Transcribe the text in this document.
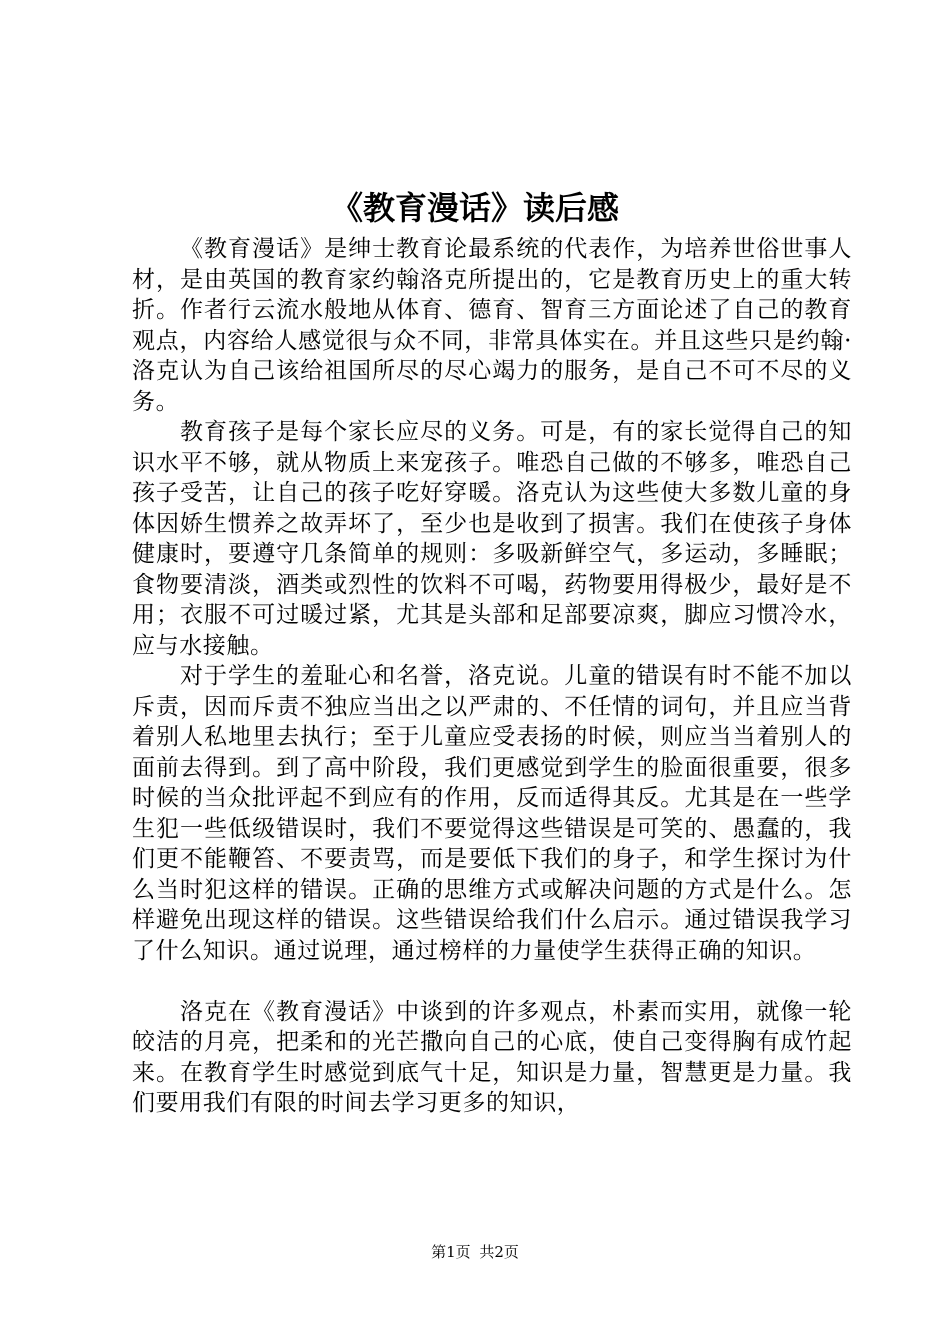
《教育漫话》读后感

《教育漫话》是绅士教育论最系统的代表作，为培养世俗世事人材，是由英国的教育家约翰洛克所提出的，它是教育历史上的重大转折。作者行云流水般地从体育、德育、智育三方面论述了自己的教育观点，内容给人感觉很与众不同，非常具体实在。并且这些只是约翰·洛克认为自己该给祖国所尽的尽心竭力的服务，是自己不可不尽的义务。

教育孩子是每个家长应尽的义务。可是，有的家长觉得自己的知识水平不够，就从物质上来宠孩子。唯恐自己做的不够多，唯恐自己孩子受苦，让自己的孩子吃好穿暖。洛克认为这些使大多数儿童的身体因娇生惯养之故弄坏了，至少也是收到了损害。我们在使孩子身体健康时，要遵守几条简单的规则：多吸新鲜空气，多运动，多睡眠；食物要清淡，酒类或烈性的饮料不可喝，药物要用得极少，最好是不用；衣服不可过暖过紧，尤其是头部和足部要凉爽，脚应习惯冷水，应与水接触。

对于学生的羞耻心和名誉，洛克说。儿童的错误有时不能不加以斥责，因而斥责不独应当出之以严肃的、不任情的词句，并且应当背着别人私地里去执行；至于儿童应受表扬的时候，则应当当着别人的面前去得到。到了高中阶段，我们更感觉到学生的脸面很重要，很多时候的当众批评起不到应有的作用，反而适得其反。尤其是在一些学生犯一些低级错误时，我们不要觉得这些错误是可笑的、愚蠢的，我们更不能鞭笞、不要责骂，而是要低下我们的身子，和学生探讨为什么当时犯这样的错误。正确的思维方式或解决问题的方式是什么。怎样避免出现这样的错误。这些错误给我们什么启示。通过错误我学习了什么知识。通过说理，通过榜样的力量使学生获得正确的知识。

洛克在《教育漫话》中谈到的许多观点，朴素而实用，就像一轮皎洁的月亮，把柔和的光芒撒向自己的心底，使自己变得胸有成竹起来。在教育学生时感觉到底气十足，知识是力量，智慧更是力量。我们要用我们有限的时间去学习更多的知识，

第1页 共2页
